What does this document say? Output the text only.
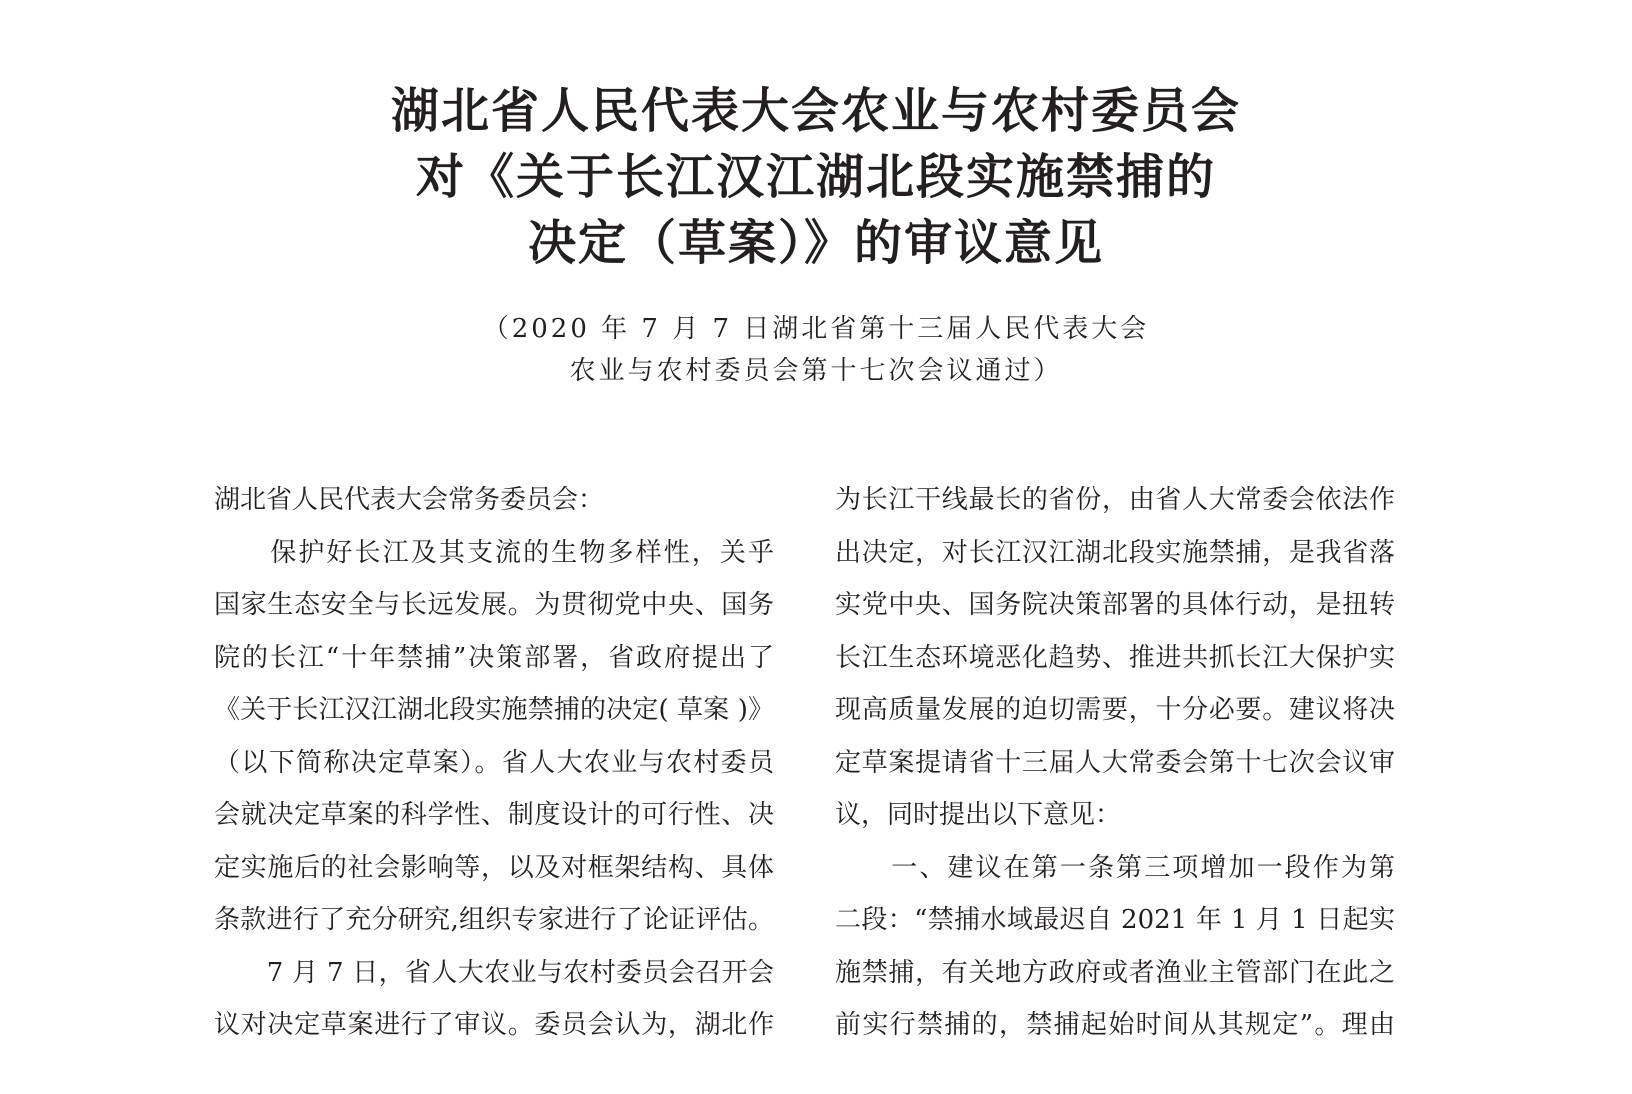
湖北省人民代表大会农业与农村委员会
对《关于长江汉江湖北段实施禁捕的
决定（草案）》的审议意见
（2020 年 7 月 7 日湖北省第十三届人民代表大会
农业与农村委员会第十七次会议通过）
湖北省人民代表大会常务委员会：
　　保护好长江及其支流的生物多样性，关乎
国家生态安全与长远发展。为贯彻党中央、国务
院的长江“十年禁捕”决策部署，省政府提出了
《关于长江汉江湖北段实施禁捕的决定( 草案 )》
（以下简称决定草案）。省人大农业与农村委员
会就决定草案的科学性、制度设计的可行性、决
定实施后的社会影响等，以及对框架结构、具体
条款进行了充分研究,组织专家进行了论证评估。
　　7 月 7 日，省人大农业与农村委员会召开会
议对决定草案进行了审议。委员会认为，湖北作
为长江干线最长的省份，由省人大常委会依法作
出决定，对长江汉江湖北段实施禁捕，是我省落
实党中央、国务院决策部署的具体行动，是扭转
长江生态环境恶化趋势、推进共抓长江大保护实
现高质量发展的迫切需要，十分必要。建议将决
定草案提请省十三届人大常委会第十七次会议审
议，同时提出以下意见：
　　一、建议在第一条第三项增加一段作为第
二段：“禁捕水域最迟自 2021 年 1 月 1 日起实
施禁捕，有关地方政府或者渔业主管部门在此之
前实行禁捕的，禁捕起始时间从其规定”。理由
